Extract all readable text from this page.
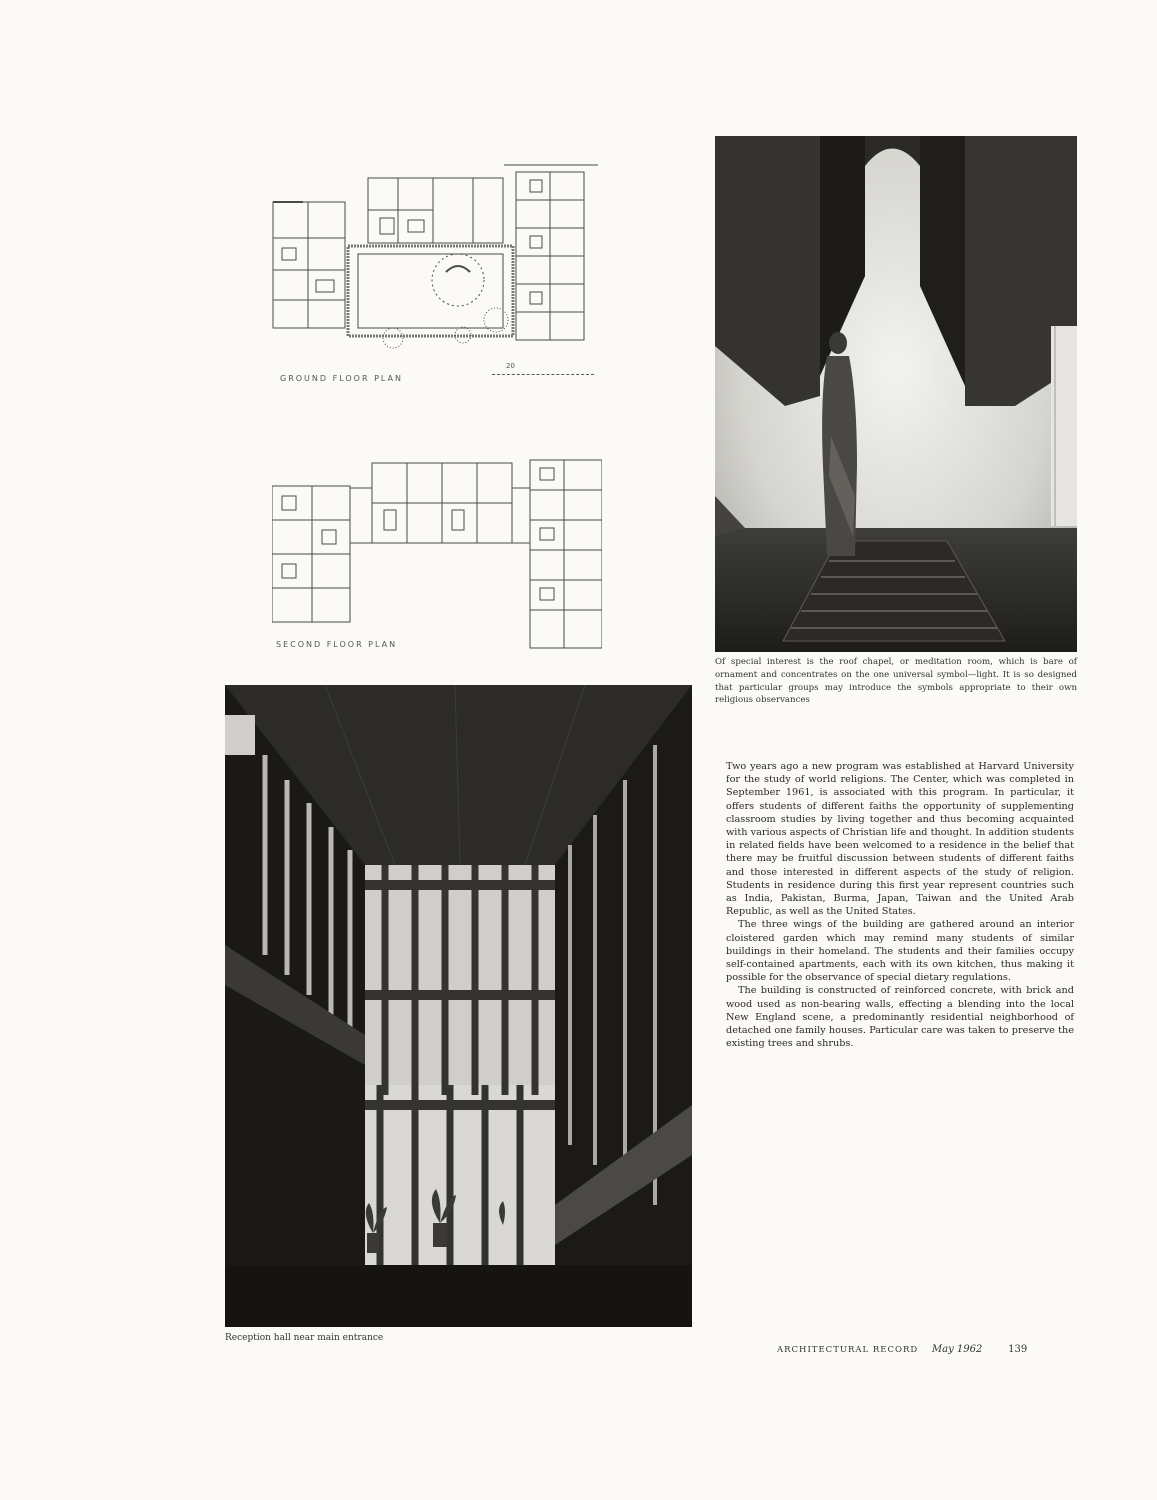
GROUND FLOOR PLAN
20
SECOND FLOOR PLAN
Of special interest is the roof chapel, or meditation room, which is bare of ornament and concentrates on the one universal symbol—light. It is so designed that particular groups may introduce the symbols appropriate to their own religious observances
Reception hall near main entrance

Two years ago a new program was established at Harvard University for the study of world religions. The Center, which was completed in September 1961, is associated with this program. In particular, it offers students of different faiths the opportunity of supplementing classroom studies by living together and thus becoming acquainted with various aspects of Christian life and thought. In addition students in related fields have been welcomed to a residence in the belief that there may be fruitful discussion between students of different faiths and those interested in different aspects of the study of religion. Students in residence during this first year represent countries such as India, Pakistan, Burma, Japan, Taiwan and the United Arab Republic, as well as the United States.

The three wings of the building are gathered around an interior cloistered garden which may remind many students of similar buildings in their homeland. The students and their families occupy self-contained apartments, each with its own kitchen, thus making it possible for the observance of special dietary regulations.

The building is constructed of reinforced concrete, with brick and wood used as non-bearing walls, effecting a blending into the local New England scene, a predominantly residential neighborhood of detached one family houses. Particular care was taken to preserve the existing trees and shrubs.

ARCHITECTURAL RECORD May 1962	139
